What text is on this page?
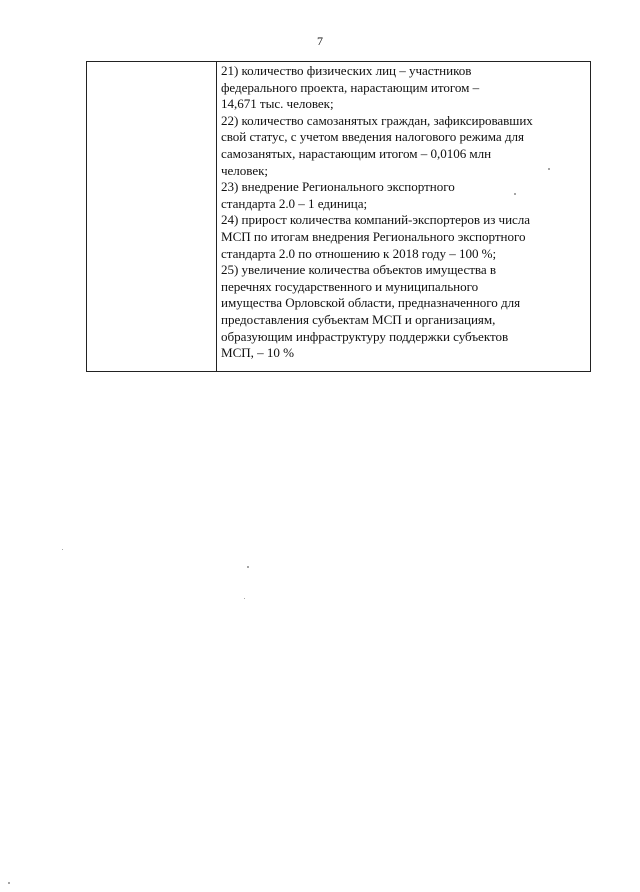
7
21) количество физических лиц – участников
федерального проекта, нарастающим итогом –
14,671 тыс. человек;
22) количество самозанятых граждан, зафиксировавших
свой статус, с учетом введения налогового режима для
самозанятых, нарастающим итогом – 0,0106 млн
человек;
23) внедрение Регионального экспортного
стандарта 2.0 – 1 единица;
24) прирост количества компаний-экспортеров из числа
МСП по итогам внедрения Регионального экспортного
стандарта 2.0 по отношению к 2018 году – 100 %;
25) увеличение количества объектов имущества в
перечнях государственного и муниципального
имущества Орловской области, предназначенного для
предоставления субъектам МСП и организациям,
образующим инфраструктуру поддержки субъектов
МСП, – 10 %
